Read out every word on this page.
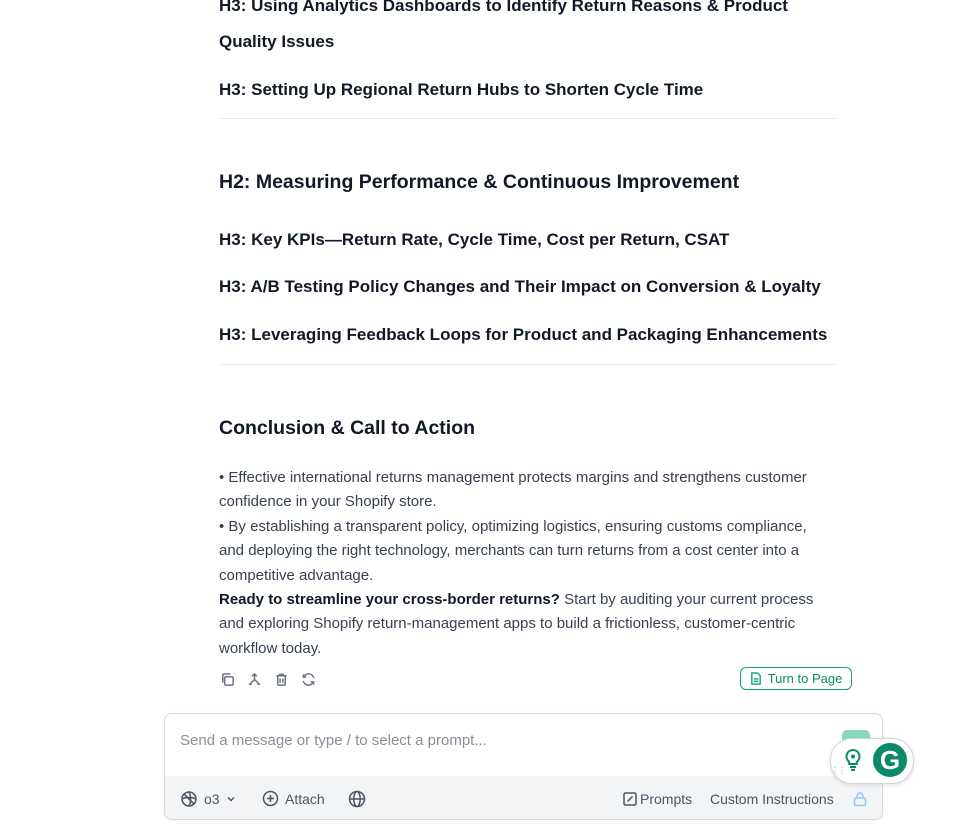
H3: Using Analytics Dashboards to Identify Return Reasons & Product
Quality Issues
H3: Setting Up Regional Return Hubs to Shorten Cycle Time
H2: Measuring Performance & Continuous Improvement
H3: Key KPIs—Return Rate, Cycle Time, Cost per Return, CSAT
H3: A/B Testing Policy Changes and Their Impact on Conversion & Loyalty
H3: Leveraging Feedback Loops for Product and Packaging Enhancements
Conclusion & Call to Action
• Effective international returns management protects margins and strengthens customer confidence in your Shopify store.
• By establishing a transparent policy, optimizing logistics, ensuring customs compliance, and deploying the right technology, merchants can turn returns from a cost center into a competitive advantage.
Ready to streamline your cross-border returns? Start by auditing your current process and exploring Shopify return-management apps to build a frictionless, customer-centric workflow today.
Turn to Page
Send a message or type / to select a prompt...
o3	Attach	Prompts Custom Instructions
G
⋮⋮
